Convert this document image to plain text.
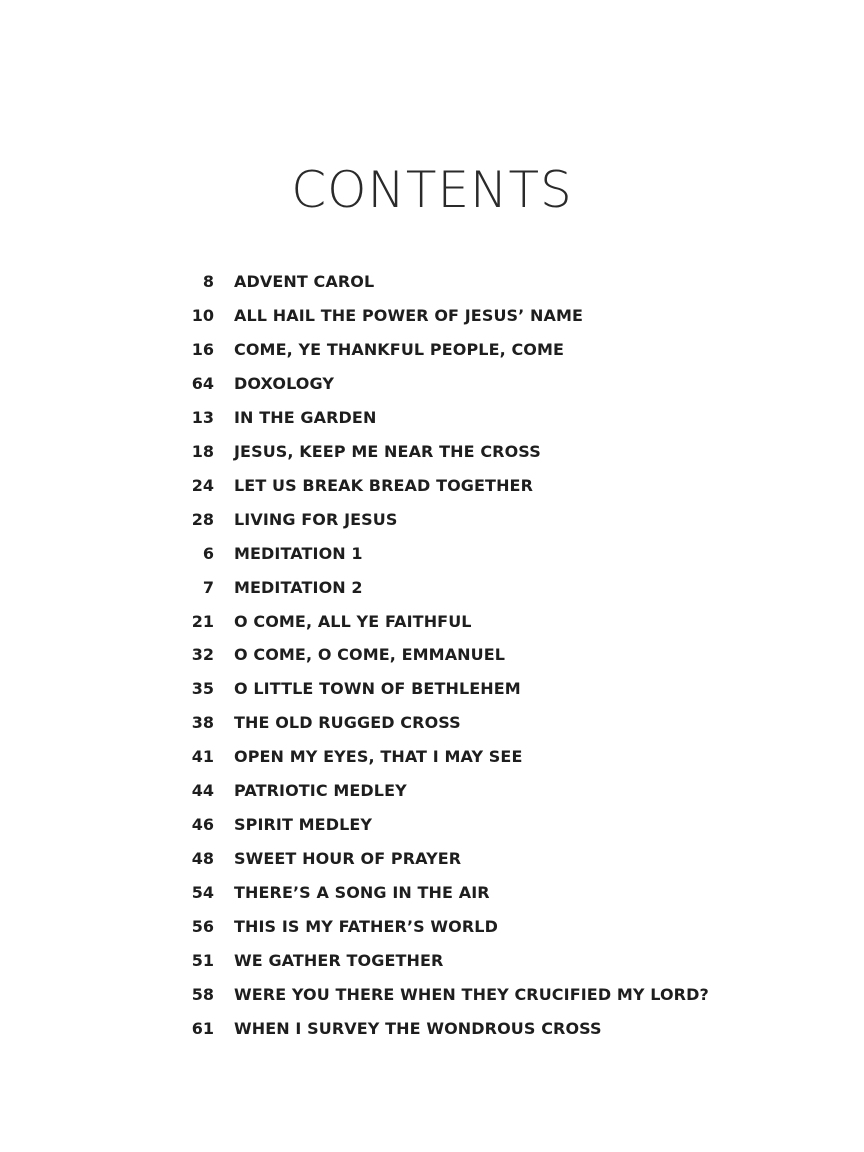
CONTENTS
8 ADVENT CAROL
10 ALL HAIL THE POWER OF JESUS’ NAME
16 COME, YE THANKFUL PEOPLE, COME
64 DOXOLOGY
13 IN THE GARDEN
18 JESUS, KEEP ME NEAR THE CROSS
24 LET US BREAK BREAD TOGETHER
28 LIVING FOR JESUS
6 MEDITATION 1
7 MEDITATION 2
21 O COME, ALL YE FAITHFUL
32 O COME, O COME, EMMANUEL
35 O LITTLE TOWN OF BETHLEHEM
38 THE OLD RUGGED CROSS
41 OPEN MY EYES, THAT I MAY SEE
44 PATRIOTIC MEDLEY
46 SPIRIT MEDLEY
48 SWEET HOUR OF PRAYER
54 THERE’S A SONG IN THE AIR
56 THIS IS MY FATHER’S WORLD
51 WE GATHER TOGETHER
58 WERE YOU THERE WHEN THEY CRUCIFIED MY LORD?
61 WHEN I SURVEY THE WONDROUS CROSS
